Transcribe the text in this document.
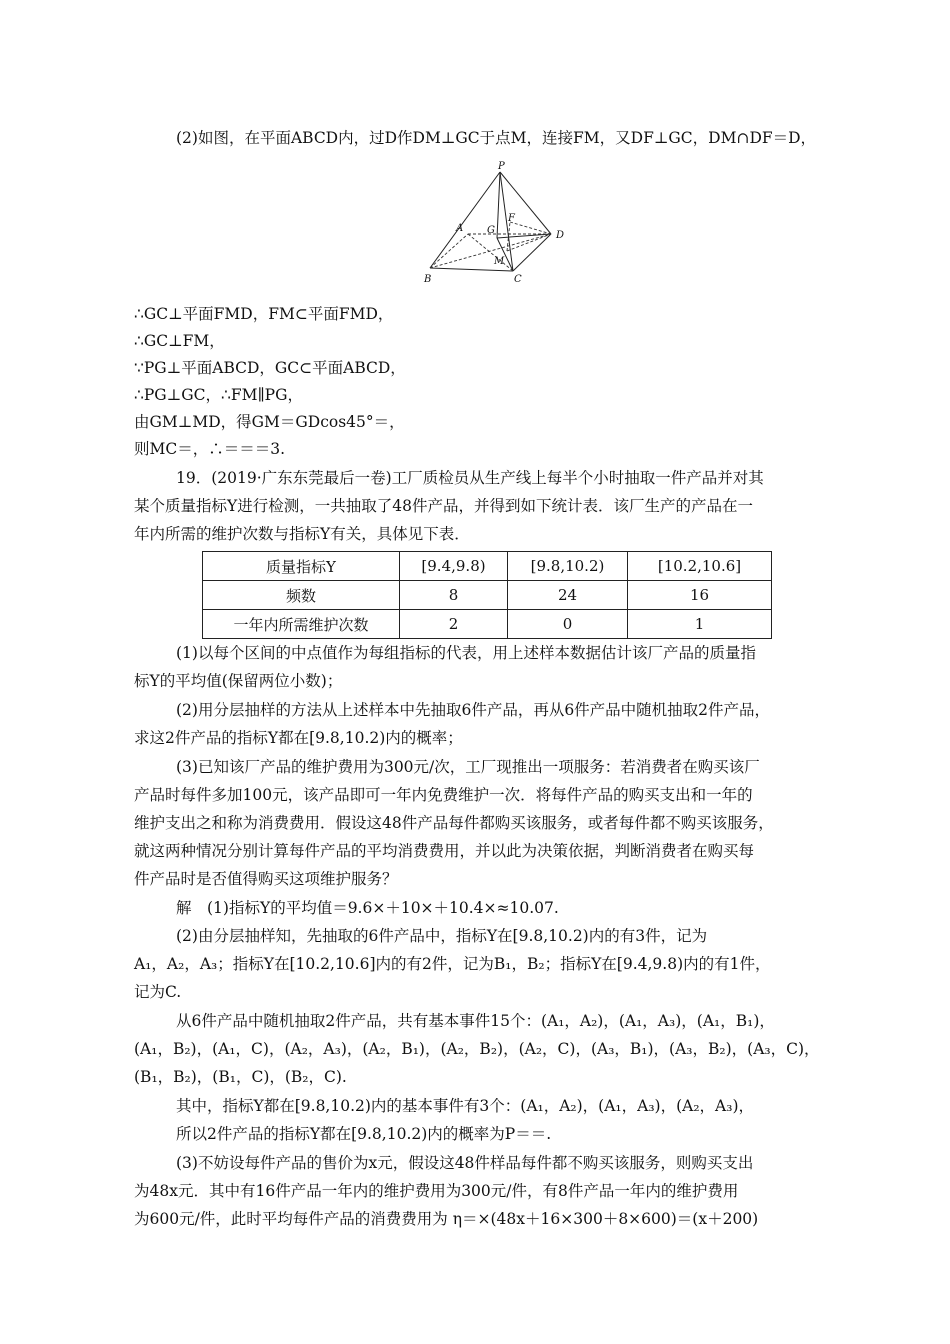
(2)如图，在平面ABCD内，过D作DM⊥GC于点M，连接FM，又DF⊥GC，DM∩DF＝D，
P
A G
F
D
M
B	C
∴GC⊥平面FMD，FM⊂平面FMD，
∴GC⊥FM，
∵PG⊥平面ABCD，GC⊂平面ABCD，
∴PG⊥GC，∴FM∥PG，
由GM⊥MD，得GM＝GDcos45°＝，
则MC＝，∴＝＝＝3.
19．(2019·广东东莞最后一卷)工厂质检员从生产线上每半个小时抽取一件产品并对其
某个质量指标Y进行检测，一共抽取了48件产品，并得到如下统计表．该厂生产的产品在一
年内所需的维护次数与指标Y有关，具体见下表．
质量指标Y	[9.4,9.8)	[9.8,10.2)	[10.2,10.6]
频数	8	24	16
一年内所需维护次数	2	0	1
(1)以每个区间的中点值作为每组指标的代表，用上述样本数据估计该厂产品的质量指
标Y的平均值(保留两位小数)；
(2)用分层抽样的方法从上述样本中先抽取6件产品，再从6件产品中随机抽取2件产品，
求这2件产品的指标Y都在[9.8,10.2)内的概率；
(3)已知该厂产品的维护费用为300元/次，工厂现推出一项服务：若消费者在购买该厂
产品时每件多加100元，该产品即可一年内免费维护一次．将每件产品的购买支出和一年的
维护支出之和称为消费费用．假设这48件产品每件都购买该服务，或者每件都不购买该服务，
就这两种情况分别计算每件产品的平均消费费用，并以此为决策依据，判断消费者在购买每
件产品时是否值得购买这项维护服务？
解　(1)指标Y的平均值＝9.6×＋10×＋10.4×≈10.07.
(2)由分层抽样知，先抽取的6件产品中，指标Y在[9.8,10.2)内的有3件，记为
A₁，A₂，A₃；指标Y在[10.2,10.6]内的有2件，记为B₁，B₂；指标Y在[9.4,9.8)内的有1件，
记为C.
从6件产品中随机抽取2件产品，共有基本事件15个：(A₁，A₂)，(A₁，A₃)，(A₁，B₁)，
(A₁，B₂)，(A₁，C)，(A₂，A₃)，(A₂，B₁)，(A₂，B₂)，(A₂，C)，(A₃，B₁)，(A₃，B₂)，(A₃，C)，
(B₁，B₂)，(B₁，C)，(B₂，C).
其中，指标Y都在[9.8,10.2)内的基本事件有3个：(A₁，A₂)，(A₁，A₃)，(A₂，A₃)，
所以2件产品的指标Y都在[9.8,10.2)内的概率为P＝＝.
(3)不妨设每件产品的售价为x元，假设这48件样品每件都不购买该服务，则购买支出
为48x元．其中有16件产品一年内的维护费用为300元/件，有8件产品一年内的维护费用
为600元/件，此时平均每件产品的消费费用为 η＝×(48x＋16×300＋8×600)＝(x＋200)
